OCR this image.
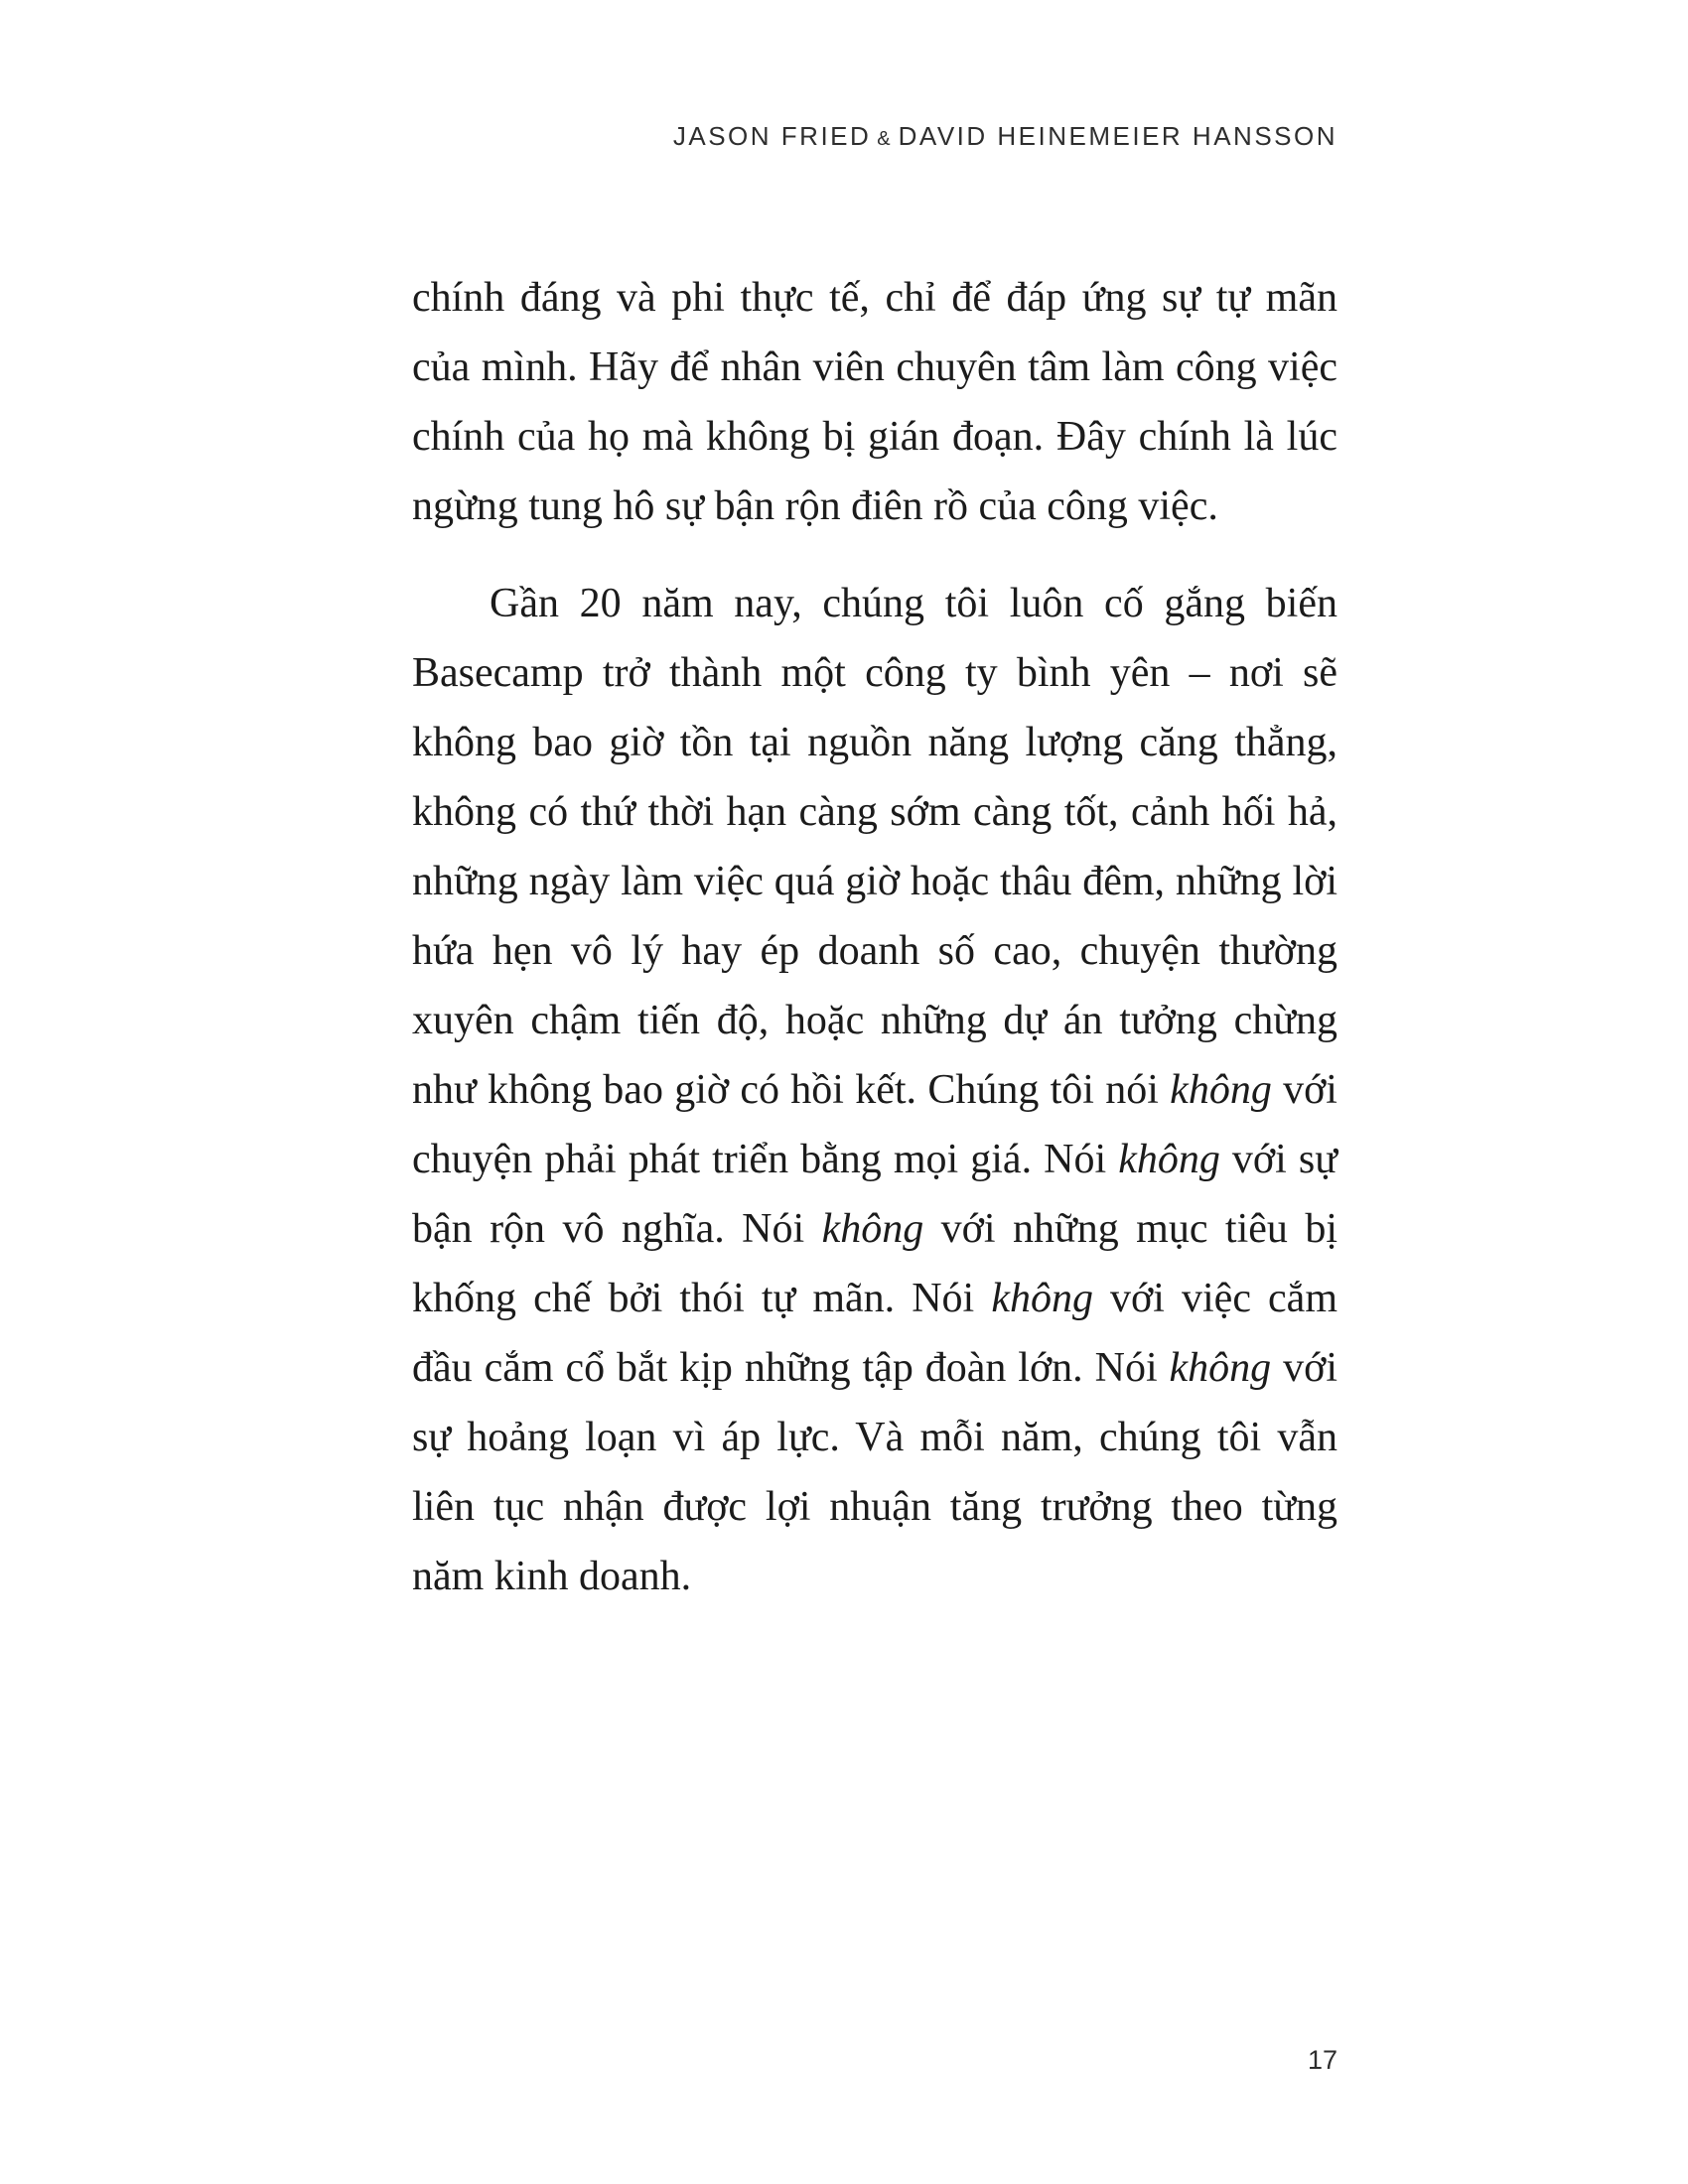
JASON FRIED & DAVID HEINEMEIER HANSSON

chính đáng và phi thực tế, chỉ để đáp ứng sự tự mãn của mình. Hãy để nhân viên chuyên tâm làm công việc chính của họ mà không bị gián đoạn. Đây chính là lúc ngừng tung hô sự bận rộn điên rồ của công việc.

Gần 20 năm nay, chúng tôi luôn cố gắng biến Basecamp trở thành một công ty bình yên – nơi sẽ không bao giờ tồn tại nguồn năng lượng căng thẳng, không có thứ thời hạn càng sớm càng tốt, cảnh hối hả, những ngày làm việc quá giờ hoặc thâu đêm, những lời hứa hẹn vô lý hay ép doanh số cao, chuyện thường xuyên chậm tiến độ, hoặc những dự án tưởng chừng như không bao giờ có hồi kết. Chúng tôi nói không với chuyện phải phát triển bằng mọi giá. Nói không với sự bận rộn vô nghĩa. Nói không với những mục tiêu bị khống chế bởi thói tự mãn. Nói không với việc cắm đầu cắm cổ bắt kịp những tập đoàn lớn. Nói không với sự hoảng loạn vì áp lực. Và mỗi năm, chúng tôi vẫn liên tục nhận được lợi nhuận tăng trưởng theo từng năm kinh doanh.

17
